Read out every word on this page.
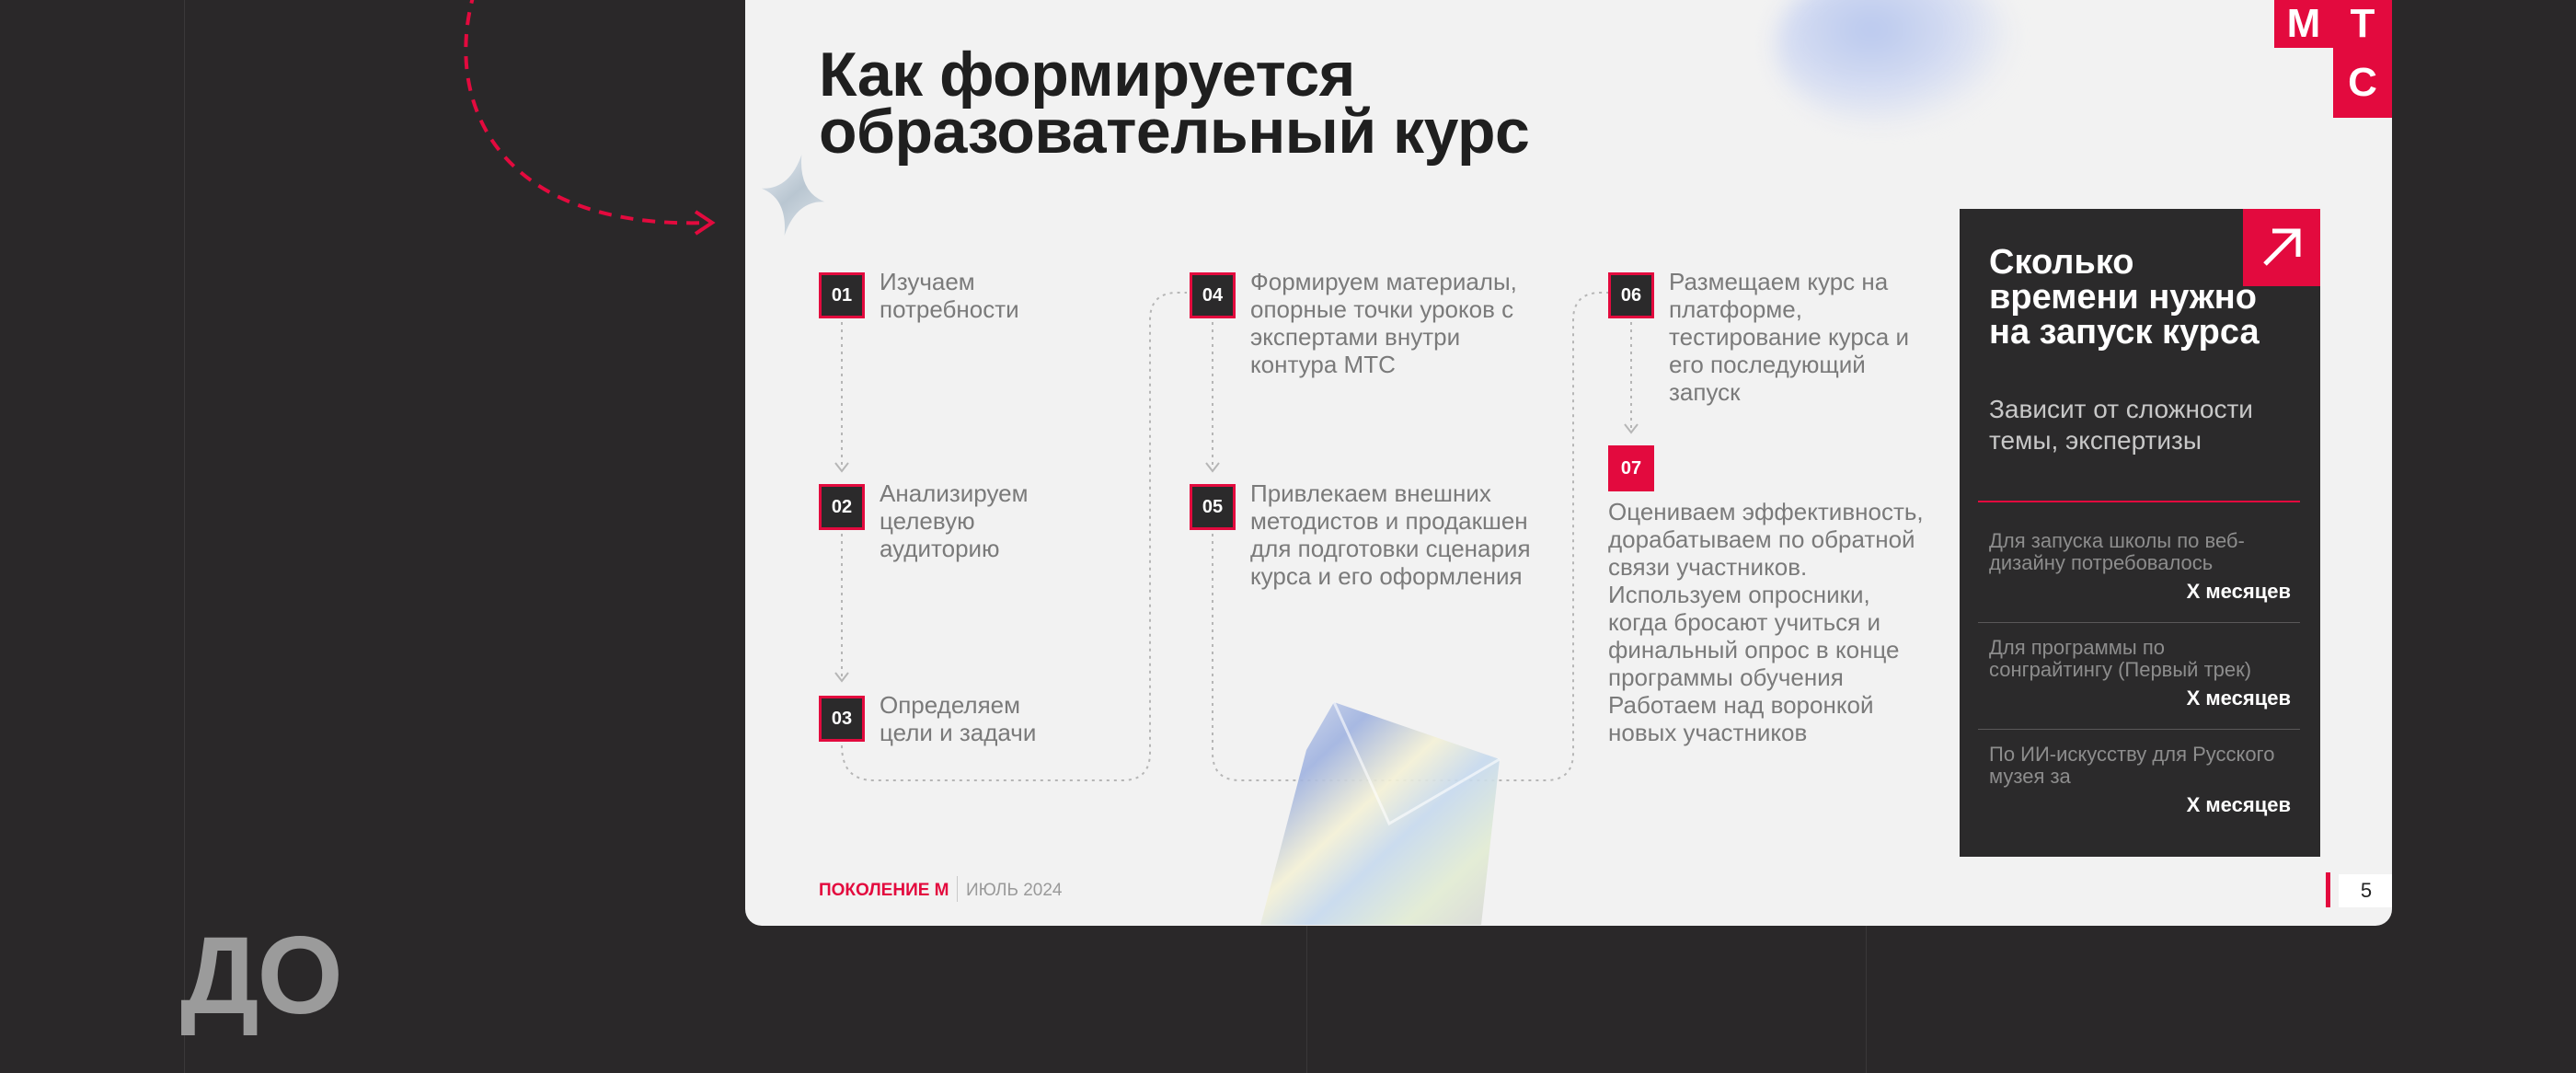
ДО
Как формируется образовательный курс
М Т
С
01	Изучаем потребности
02	Анализируем целевую аудиторию
03	Определяем цели и задачи
04	Формируем материалы, опорные точки уроков с экспертами внутри контура МТС
05	Привлекаем внешних методистов и продакшен для подготовки сценария курса и его оформления
06	Размещаем курс на платформе, тестирование курса и его последующий запуск
07
Оцениваем эффективность, дорабатываем по обратной связи участников. Используем опросники, когда бросают учиться и финальный опрос в конце программы обучения Работаем над воронкой новых участников
Сколько времени нужно на запуск курса
Зависит от сложности темы, экспертизы
Для запуска школы по веб-дизайну потребовалось
Х месяцев
Для программы по сонграйтингу (Первый трек)
Х месяцев
По ИИ-искусству для Русского музея за
Х месяцев
ПОКОЛЕНИЕ М ИЮЛЬ 2024	5
